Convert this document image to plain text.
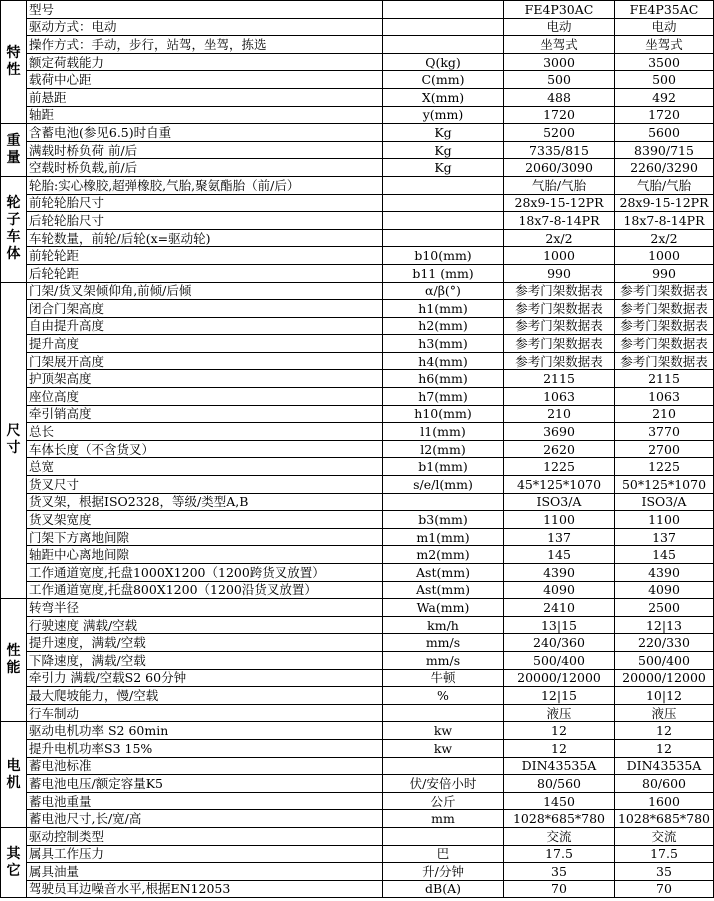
特性	型号		FE4P30AC	FE4P35AC
	驱动方式：电动		电动	电动
	操作方式：手动，步行，站驾，坐驾，拣选		坐驾式	坐驾式
	额定荷载能力	Q(kg)	3000	3500
	载荷中心距	C(mm)	500	500
	前悬距	X(mm)	488	492
	轴距	y(mm)	1720	1720

重量	含蓄电池(参见6.5)时自重	Kg	5200	5600
	满载时桥负荷 前/后	Kg	7335/815	8390/715
	空载时桥负载,前/后	Kg	2060/3090	2260/3290

轮子车体	轮胎:实心橡胶,超弹橡胶,气胎,聚氨酯胎（前/后）		气胎/气胎	气胎/气胎
	前轮轮胎尺寸		28x9-15-12PR	28x9-15-12PR
	后轮轮胎尺寸		18x7-8-14PR	18x7-8-14PR
	车轮数量，前轮/后轮(x=驱动轮)		2x/2	2x/2
	前轮轮距	b10(mm)	1000	1000
	后轮轮距	b11 (mm)	990	990

尺寸	门架/货叉架倾仰角,前倾/后倾	α/β(°)	参考门架数据表	参考门架数据表
	闭合门架高度	h1(mm)	参考门架数据表	参考门架数据表
	自由提升高度	h2(mm)	参考门架数据表	参考门架数据表
	提升高度	h3(mm)	参考门架数据表	参考门架数据表
	门架展开高度	h4(mm)	参考门架数据表	参考门架数据表
	护顶架高度	h6(mm)	2115	2115
	座位高度	h7(mm)	1063	1063
	牵引销高度	h10(mm)	210	210
	总长	l1(mm)	3690	3770
	车体长度（不含货叉）	l2(mm)	2620	2700
	总宽	b1(mm)	1225	1225
	货叉尺寸	s/e/l(mm)	45*125*1070	50*125*1070
	货叉架，根据ISO2328，等级/类型A,B		ISO3/A	ISO3/A
	货叉架宽度	b3(mm)	1100	1100
	门架下方离地间隙	m1(mm)	137	137
	轴距中心离地间隙	m2(mm)	145	145
	工作通道宽度,托盘1000X1200（1200跨货叉放置）	Ast(mm)	4390	4390
	工作通道宽度,托盘800X1200（1200沿货叉放置）	Ast(mm)	4090	4090

性能	转弯半径	Wa(mm)	2410	2500
	行驶速度 满载/空载	km/h	13|15	12|13
	提升速度，满载/空载	mm/s	240/360	220/330
	下降速度，满载/空载	mm/s	500/400	500/400
	牵引力 满载/空载S2 60分钟	牛顿	20000/12000	20000/12000
	最大爬坡能力，慢/空载	%	12|15	10|12
	行车制动		液压	液压

电机	驱动电机功率 S2 60min	kw	12	12
	提升电机功率S3 15%	kw	12	12
	蓄电池标准		DIN43535A	DIN43535A
	蓄电池电压/额定容量K5	伏/安倍小时	80/560	80/600
	蓄电池重量	公斤	1450	1600
	蓄电池尺寸,长/宽/高	mm	1028*685*780	1028*685*780

其它	驱动控制类型		交流	交流
	属具工作压力	巴	17.5	17.5
	属具油量	升/分钟	35	35
	驾驶员耳边噪音水平,根据EN12053	dB(A)	70	70
